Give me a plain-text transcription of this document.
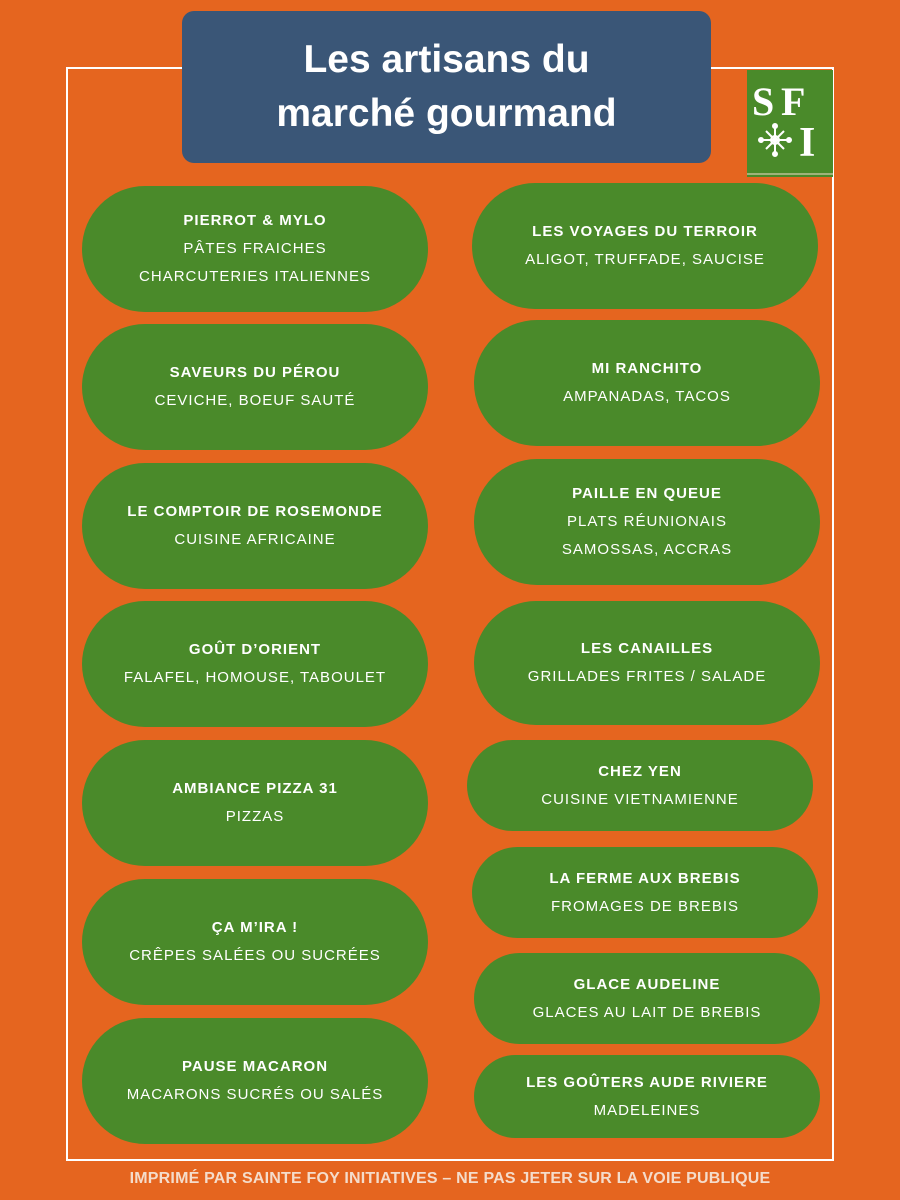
Les artisans du
marché gourmand	S F
I
PIERROT & MYLO
PÂTES FRAICHES
CHARCUTERIES ITALIENNES
SAVEURS DU PÉROU
CEVICHE, BOEUF SAUTÉ
LE COMPTOIR DE ROSEMONDE
CUISINE AFRICAINE
GOÛT D’ORIENT
FALAFEL, HOMOUSE, TABOULET
AMBIANCE PIZZA 31
PIZZAS
ÇA M’IRA !
CRÊPES SALÉES OU SUCRÉES
PAUSE MACARON
MACARONS SUCRÉS OU SALÉS
LES VOYAGES DU TERROIR
ALIGOT, TRUFFADE, SAUCISE
MI RANCHITO
AMPANADAS, TACOS
PAILLE EN QUEUE
PLATS RÉUNIONAIS
SAMOSSAS, ACCRAS
LES CANAILLES
GRILLADES FRITES / SALADE
CHEZ YEN
CUISINE VIETNAMIENNE
LA FERME AUX BREBIS
FROMAGES DE BREBIS
GLACE AUDELINE
GLACES AU LAIT DE BREBIS
LES GOÛTERS AUDE RIVIERE
MADELEINES
IMPRIMÉ PAR SAINTE FOY INITIATIVES – NE PAS JETER SUR LA VOIE PUBLIQUE
